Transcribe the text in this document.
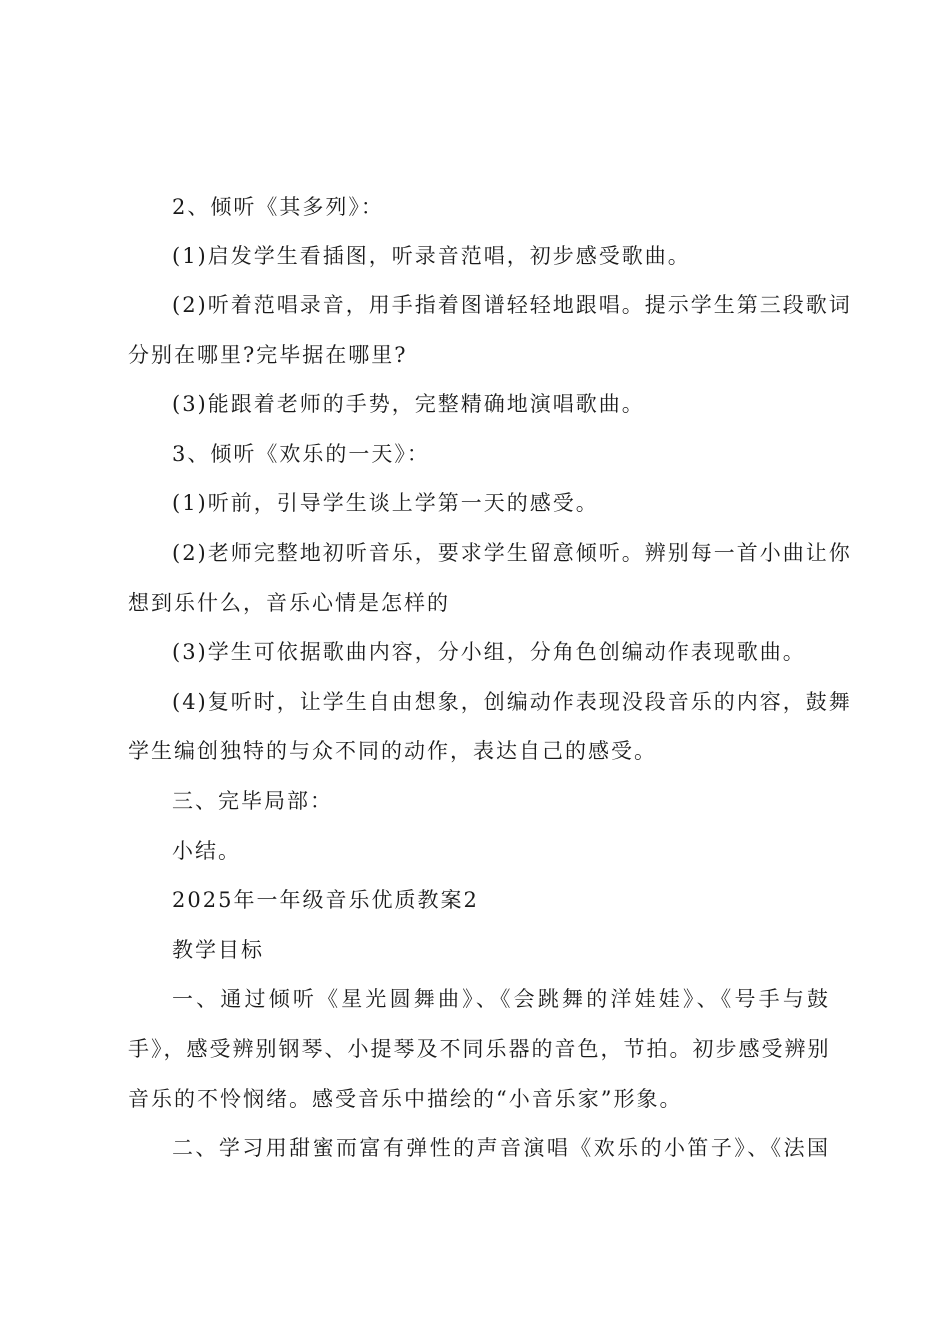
2、倾听《其多列》：
(1)启发学生看插图，听录音范唱，初步感受歌曲。
(2)听着范唱录音，用手指着图谱轻轻地跟唱。提示学生第三段歌词
分别在哪里?完毕据在哪里?
(3)能跟着老师的手势，完整精确地演唱歌曲。
3、倾听《欢乐的一天》：
(1)听前，引导学生谈上学第一天的感受。
(2)老师完整地初听音乐，要求学生留意倾听。辨别每一首小曲让你
想到乐什么，音乐心情是怎样的
(3)学生可依据歌曲内容，分小组，分角色创编动作表现歌曲。
(4)复听时，让学生自由想象，创编动作表现没段音乐的内容，鼓舞
学生编创独特的与众不同的动作，表达自己的感受。
三、完毕局部：
小结。
2025年一年级音乐优质教案2
教学目标
一、通过倾听《星光圆舞曲》、《会跳舞的洋娃娃》、《号手与鼓
手》，感受辨别钢琴、小提琴及不同乐器的音色，节拍。初步感受辨别
音乐的不怜悯绪。感受音乐中描绘的“小音乐家”形象。
二、学习用甜蜜而富有弹性的声音演唱《欢乐的小笛子》、《法国
